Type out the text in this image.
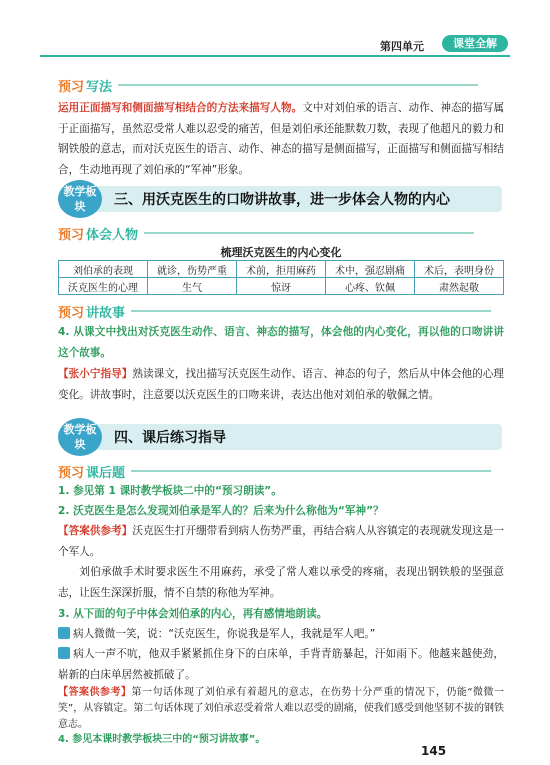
第四单元	课堂全解
预习 写法
运用正面描写和侧面描写相结合的方法来描写人物。文中对刘伯承的语言、动作、神态的描写属于正面描写，虽然忍受常人难以忍受的痛苦，但是刘伯承还能默数刀数，表现了他超凡的毅力和钢铁般的意志，而对沃克医生的语言、动作、神态的描写是侧面描写，正面描写和侧面描写相结合，生动地再现了刘伯承的“军神”形象。
教学板块	三、用沃克医生的口吻讲故事，进一步体会人物的内心
预习 体会人物
梳理沃克医生的内心变化
刘伯承的表现	就诊，伤势严重	术前，拒用麻药	术中，强忍剧痛	术后，表明身份
沃克医生的心理	生气	惊讶	心疼、钦佩	肃然起敬
预习 讲故事
4. 从课文中找出对沃克医生动作、语言、神态的描写，体会他的内心变化，再以他的口吻讲讲这个故事。
【张小宁指导】熟读课文，找出描写沃克医生动作、语言、神态的句子，然后从中体会他的心理变化。讲故事时，注意要以沃克医生的口吻来讲，表达出他对刘伯承的敬佩之情。
教学板块	四、课后练习指导
预习 课后题
1. 参见第 1 课时教学板块二中的“预习朗读”。
2. 沃克医生是怎么发现刘伯承是军人的？后来为什么称他为“军神”？
【答案供参考】沃克医生打开绷带看到病人伤势严重，再结合病人从容镇定的表现就发现这是一个军人。
刘伯承做手术时要求医生不用麻药，承受了常人难以承受的疼痛，表现出钢铁般的坚强意志，让医生深深折服，情不自禁的称他为军神。
3. 从下面的句子中体会刘伯承的内心，再有感情地朗读。
病人微微一笑，说：“沃克医生，你说我是军人，我就是军人吧。”
病人一声不吭，他双手紧紧抓住身下的白床单，手背青筋暴起，汗如雨下。他越来越使劲，崭新的白床单居然被抓破了。
【答案供参考】第一句话体现了刘伯承有着超凡的意志，在伤势十分严重的情况下，仍能“微微一笑”，从容镇定。第二句话体现了刘伯承忍受着常人难以忍受的剧痛，使我们感受到他坚韧不拔的钢铁意志。
4. 参见本课时教学板块三中的“预习讲故事”。
145
